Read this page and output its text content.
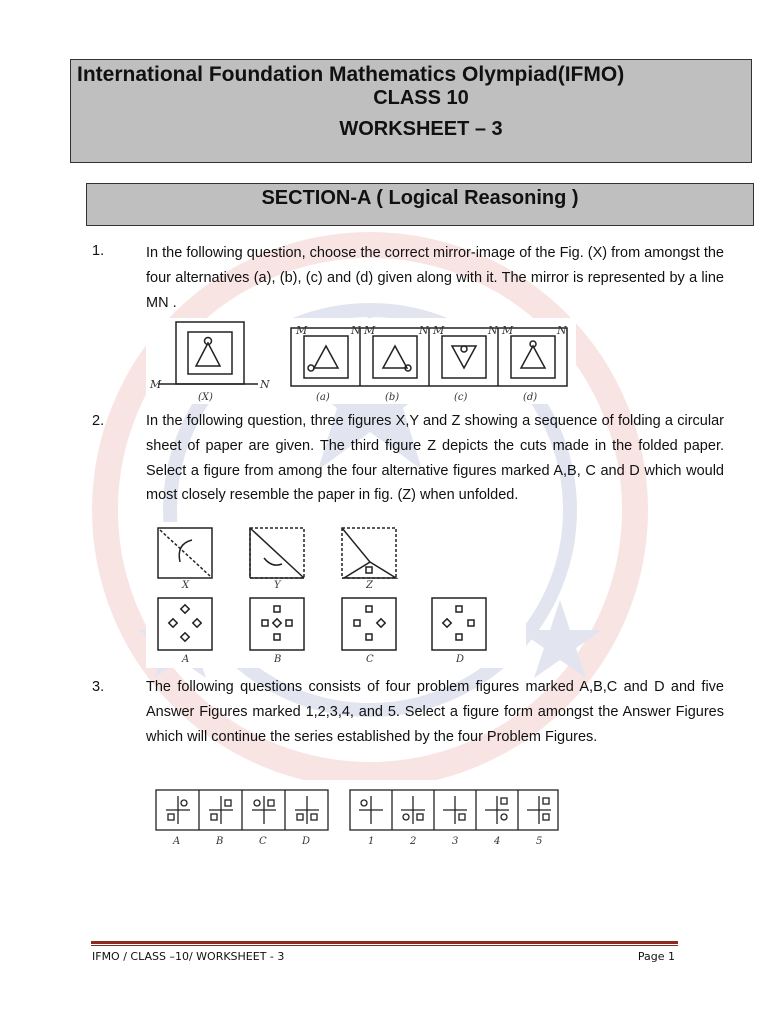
International Foundation Mathematics Olympiad(IFMO)
CLASS 10
WORKSHEET – 3
SECTION-A ( Logical Reasoning )
1.	In the following question, choose the correct mirror-image of the Fig. (X) from amongst the four alternatives (a), (b), (c) and (d) given along with it. The mirror is represented by a line MN .
M	N
M	N M	N M	N M	N
(X)	(a)	(b)	(c)	(d)
2.	In the following question, three figures X,Y and Z showing a sequence of folding a circular sheet of paper are given. The third figure Z depicts the cuts made in the folded paper. Select a figure from among the four alternative figures marked A,B, C and D which would most closely resemble the paper in fig. (Z) when unfolded.
X	Y	Z
A	B	C	D
3.	The following questions consists of four problem figures marked A,B,C and D and five Answer Figures marked 1,2,3,4, and 5. Select a figure form amongst the Answer Figures which will continue the series established by the four Problem Figures.
A	B	C	D	1	2	3	4	5
IFMO / CLASS –10/ WORKSHEET - 3	Page 1
